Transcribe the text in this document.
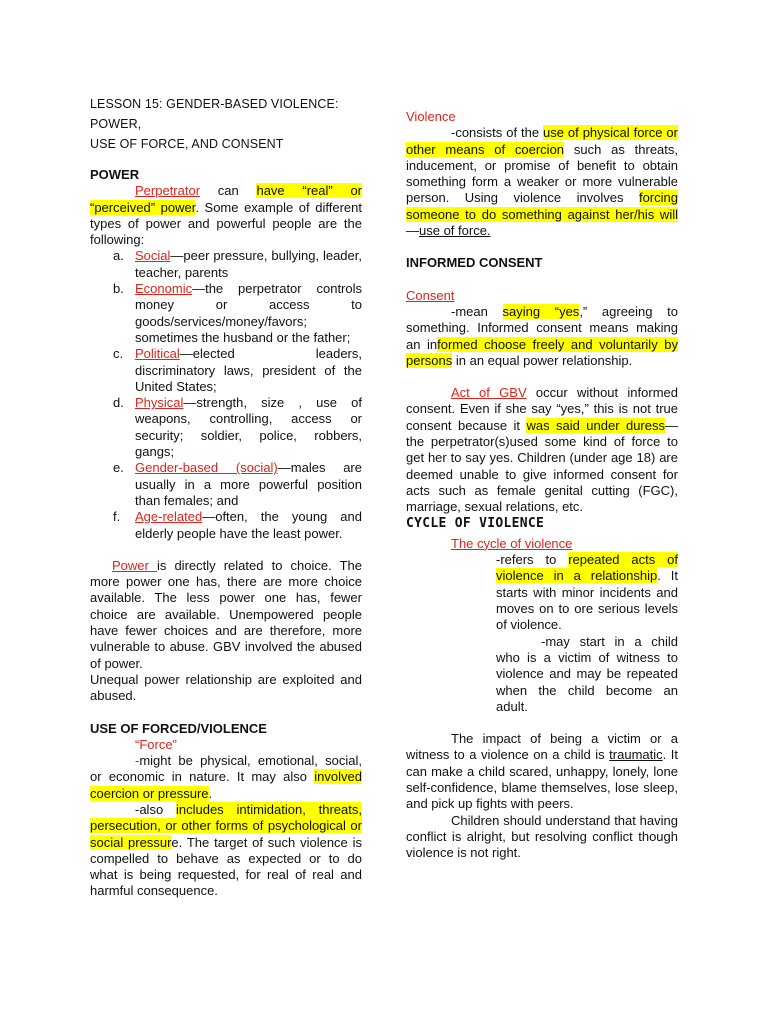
LESSON 15: GENDER-BASED VIOLENCE: POWER,
USE OF FORCE, AND CONSENT

POWER

Perpetrator can have “real” or “perceived” power. Some example of different types of power and powerful people are the following:

a. Social—peer pressure, bullying, leader, teacher, parents
b. Economic—the perpetrator controls money or access to goods/services/money/favors; sometimes the husband or the father;
c. Political—elected leaders, discriminatory laws, president of the United States;
d. Physical—strength, size , use of weapons, controlling, access or security; soldier, police, robbers, gangs;
e. Gender-based (social)—males are usually in a more powerful position than females; and
f. Age-related—often, the young and elderly people have the least power.

Power is directly related to choice. The more power one has, there are more choice available. The less power one has, fewer choice are available. Unempowered people have fewer choices and are therefore, more vulnerable to abuse. GBV involved the abused of power.

Unequal power relationship are exploited and abused.

USE OF FORCED/VIOLENCE

“Force”

-might be physical, emotional, social, or economic in nature. It may also involved coercion or pressure.

-also includes intimidation, threats, persecution, or other forms of psychological or social pressure. The target of such violence is compelled to behave as expected or to do what is being requested, for real of real and harmful consequence.

Violence

-consists of the use of physical force or other means of coercion such as threats, inducement, or promise of benefit to obtain something form a weaker or more vulnerable person. Using violence involves forcing someone to do something against her/his will—use of force.

INFORMED CONSENT

Consent

-mean saying “yes,” agreeing to something. Informed consent means making an informed choose freely and voluntarily by persons in an equal power relationship.

Act of GBV occur without informed consent. Even if she say “yes,” this is not true consent because it was said under duress—the perpetrator(s)used some kind of force to get her to say yes. Children (under age 18) are deemed unable to give informed consent for acts such as female genital cutting (FGC), marriage, sexual relations, etc.

CYCLE OF VIOLENCE

The cycle of violence

-refers to repeated acts of violence in a relationship. It starts with minor incidents and moves on to ore serious levels of violence.

-may start in a child who is a victim of witness to violence and may be repeated when the child become an adult.

The impact of being a victim or a witness to a violence on a child is traumatic. It can make a child scared, unhappy, lonely, lone self-confidence, blame themselves, lose sleep, and pick up fights with peers.

Children should understand that having conflict is alright, but resolving conflict though violence is not right.
